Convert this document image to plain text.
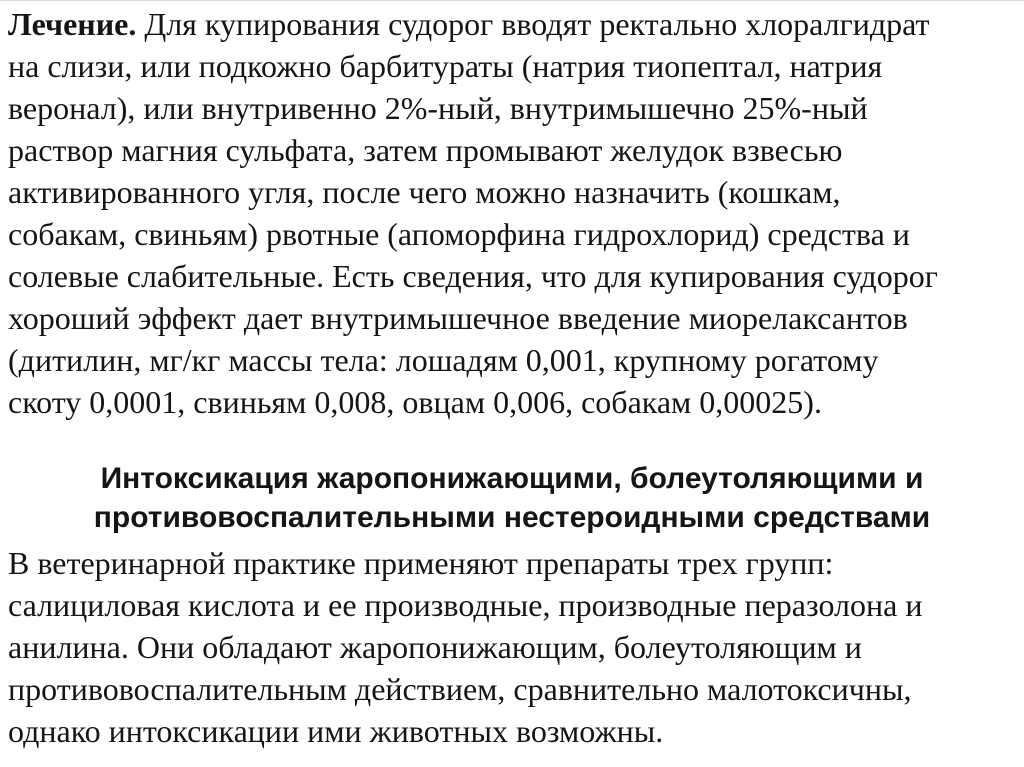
Лечение. Для купирования судорог вводят ректально хлоралгидрат
на слизи, или подкожно барбитураты (натрия тиопептал, натрия
веронал), или внутривенно 2%-ный, внутримышечно 25%-ный
раствор магния сульфата, затем промывают желудок взвесью
активированного угля, после чего можно назначить (кошкам,
собакам, свиньям) рвотные (апоморфина гидрохлорид) средства и
солевые слабительные. Есть сведения, что для купирования судорог
хороший эффект дает внутримышечное введение миорелаксантов
(дитилин, мг/кг массы тела: лошадям 0,001, крупному рогатому
скоту 0,0001, свиньям 0,008, овцам 0,006, собакам 0,00025).
Интоксикация жаропонижающими, болеутоляющими и
противовоспалительными нестероидными средствами
В ветеринарной практике применяют препараты трех групп:
салициловая кислота и ее производные, производные перазолона и
анилина. Они обладают жаропонижающим, болеутоляющим и
противовоспалительным действием, сравнительно малотоксичны,
однако интоксикации ими животных возможны.
